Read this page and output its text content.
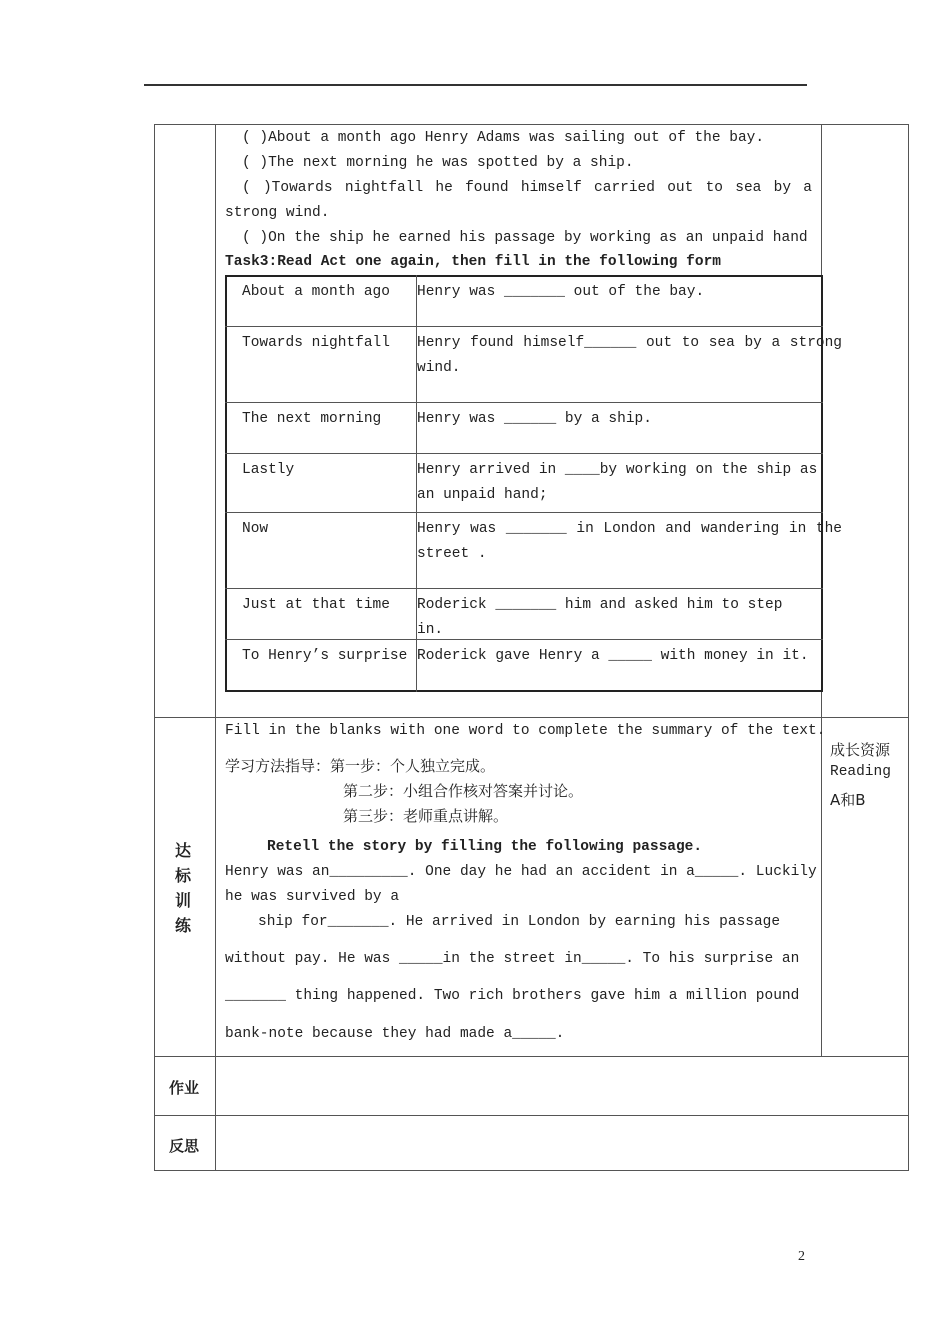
( )About a month ago Henry Adams was sailing out of the bay.
( )The next morning he was spotted by a ship.
( )Towards nightfall he found himself carried out to sea by a
strong wind.
( )On the ship he earned his passage by working as an unpaid hand
Task3:Read Act one again, then fill in the following form
About a month ago Henry was _______ out of the bay.
Towards nightfall Henry found himself______ out to sea by a strong wind.
The next morning Henry was ______ by a ship.
Lastly	Henry arrived in ____by working on the ship as an unpaid hand;
Now	Henry was _______ in London and wandering in the street .
Just at that time Roderick _______ him and asked him to step in.
To Henry’s surprise Roderick gave Henry a _____ with money in it.
达标训练
Fill in the blanks with one word to complete the summary of the text.
学习方法指导：第一步：个人独立完成。
第二步：小组合作核对答案并讨论。
第三步：老师重点讲解。
Retell the story by filling the following passage.
Henry was an_________. One day he had an accident in a_____. Luckily
he was survived by a
ship for_______. He arrived in London by earning his passage
without pay. He was _____in the street in_____. To his surprise an
_______ thing happened. Two rich brothers gave him a million pound
bank-note because they had made a_____.
成长资源
Reading
A和B
作业
反思
2
